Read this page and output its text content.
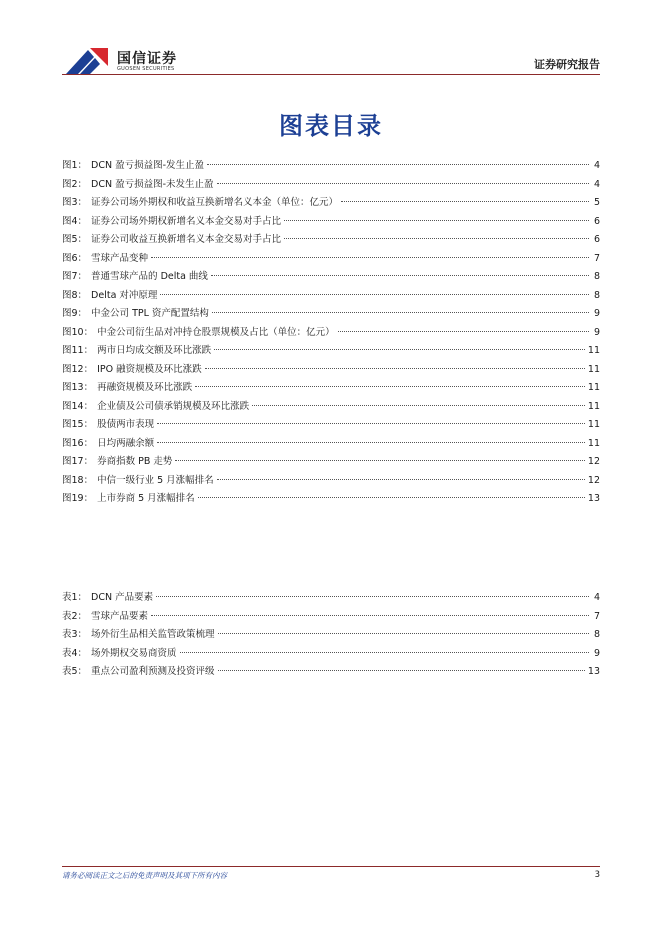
国信证券
GUOSEN SECURITIES	证券研究报告
图表目录
图1： DCN 盈亏损益图-发生止盈	4
图2： DCN 盈亏损益图-未发生止盈	4
图3： 证券公司场外期权和收益互换新增名义本金（单位：亿元）	5
图4： 证券公司场外期权新增名义本金交易对手占比	6
图5： 证券公司收益互换新增名义本金交易对手占比	6
图6： 雪球产品变种	7
图7： 普通雪球产品的 Delta 曲线	8
图8： Delta 对冲原理	8
图9： 中金公司 TPL 资产配置结构	9
图10： 中金公司衍生品对冲持仓股票规模及占比（单位：亿元）	9
图11： 两市日均成交额及环比涨跌	11
图12： IPO 融资规模及环比涨跌	11
图13： 再融资规模及环比涨跌	11
图14： 企业债及公司债承销规模及环比涨跌	11
图15： 股债两市表现	11
图16： 日均两融余额	11
图17： 券商指数 PB 走势	12
图18： 中信一级行业 5 月涨幅排名	12
图19： 上市券商 5 月涨幅排名	13
表1： DCN 产品要素	4
表2： 雪球产品要素	7
表3： 场外衍生品相关监管政策梳理	8
表4： 场外期权交易商资质	9
表5： 重点公司盈利预测及投资评级	13
请务必阅读正文之后的免责声明及其项下所有内容	3
